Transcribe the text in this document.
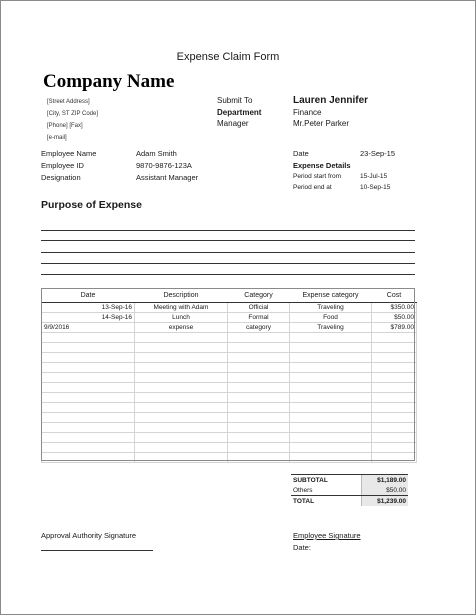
Expense Claim Form
Company Name
[Street Address]
[City, ST ZIP Code]
[Phone] [Fax]
[e-mail]
Submit To	Lauren Jennifer
Department	Finance
Manager	Mr.Peter Parker
Employee Name	Adam Smith
Employee ID	9870-9876-123A
Designation	Assistant Manager
Date	23-Sep-15
Expense Details
Period start from	15-Jul-15
Period end at	10-Sep-15
Purpose of Expense
Date	Description	Category	Expense category	Cost
13-Sep-16	Meeting with Adam	Official	Traveling	$350.00
14-Sep-16	Lunch	Formal	Food	$50.00
9/9/2016	expense	category	Traveling	$789.00

SUBTOTAL	$1,189.00
Others	$50.00
TOTAL	$1,239.00
Approval Authority Signature	Employee Signature
Date:
